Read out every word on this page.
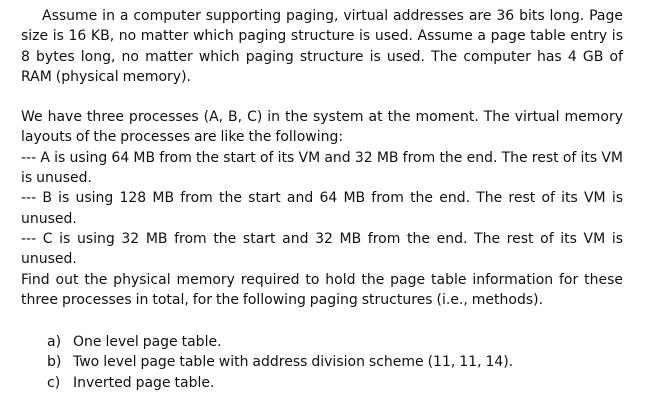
Assume in a computer supporting paging, virtual addresses are 36 bits long. Page size is 16 KB, no matter which paging structure is used. Assume a page table entry is 8 bytes long, no matter which paging structure is used. The computer has 4 GB of RAM (physical memory).

We have three processes (A, B, C) in the system at the moment. The virtual memory layouts of the processes are like the following:

--- A is using 64 MB from the start of its VM and 32 MB from the end. The rest of its VM is unused.

--- B is using 128 MB from the start and 64 MB from the end. The rest of its VM is unused.

--- C is using 32 MB from the start and 32 MB from the end. The rest of its VM is unused.

Find out the physical memory required to hold the page table information for these three processes in total, for the following paging structures (i.e., methods).

a) One level page table.
b) Two level page table with address division scheme (11, 11, 14).
c) Inverted page table.
